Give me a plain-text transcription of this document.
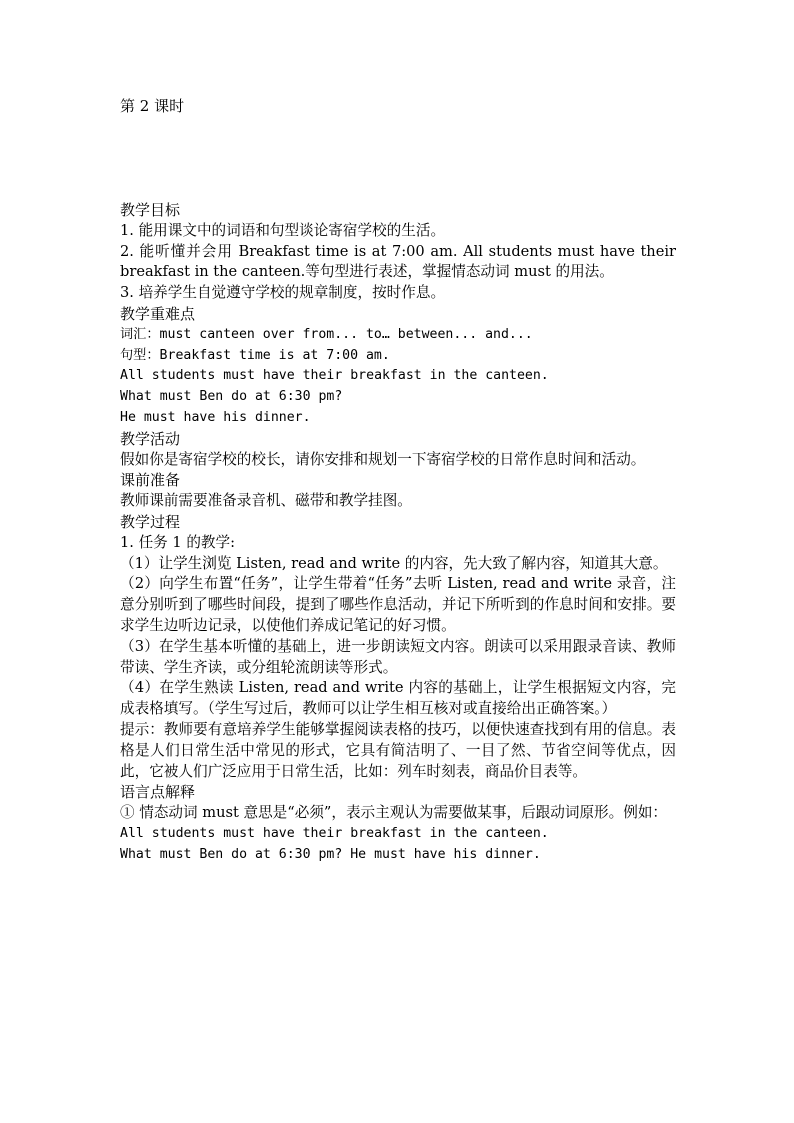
第 2 课时

教学目标

1. 能用课文中的词语和句型谈论寄宿学校的生活。

2. 能听懂并会用 Breakfast time is at 7:00 am. All students must have their breakfast in the canteen.等句型进行表述，掌握情态动词 must 的用法。

3. 培养学生自觉遵守学校的规章制度，按时作息。

教学重难点

词汇：must canteen over from... to… between... and...

句型：Breakfast time is at 7:00 am.

All students must have their breakfast in the canteen.

What must Ben do at 6:30 pm?

He must have his dinner.

教学活动

假如你是寄宿学校的校长，请你安排和规划一下寄宿学校的日常作息时间和活动。

课前准备

教师课前需要准备录音机、磁带和教学挂图。

教学过程

1. 任务 1 的教学:

（1）让学生浏览 Listen, read and write 的内容，先大致了解内容，知道其大意。

（2）向学生布置“任务”，让学生带着“任务”去听 Listen, read and write 录音，注意分别听到了哪些时间段，提到了哪些作息活动，并记下所听到的作息时间和安排。要求学生边听边记录，以使他们养成记笔记的好习惯。

（3）在学生基本听懂的基础上，进一步朗读短文内容。朗读可以采用跟录音读、教师带读、学生齐读，或分组轮流朗读等形式。

（4）在学生熟读 Listen, read and write 内容的基础上，让学生根据短文内容，完成表格填写。（学生写过后，教师可以让学生相互核对或直接给出正确答案。）

提示：教师要有意培养学生能够掌握阅读表格的技巧，以便快速查找到有用的信息。表格是人们日常生活中常见的形式，它具有简洁明了、一目了然、节省空间等优点，因此，它被人们广泛应用于日常生活，比如：列车时刻表，商品价目表等。

语言点解释

① 情态动词 must 意思是“必须”，表示主观认为需要做某事，后跟动词原形。例如：

All students must have their breakfast in the canteen.

What must Ben do at 6:30 pm? He must have his dinner.
